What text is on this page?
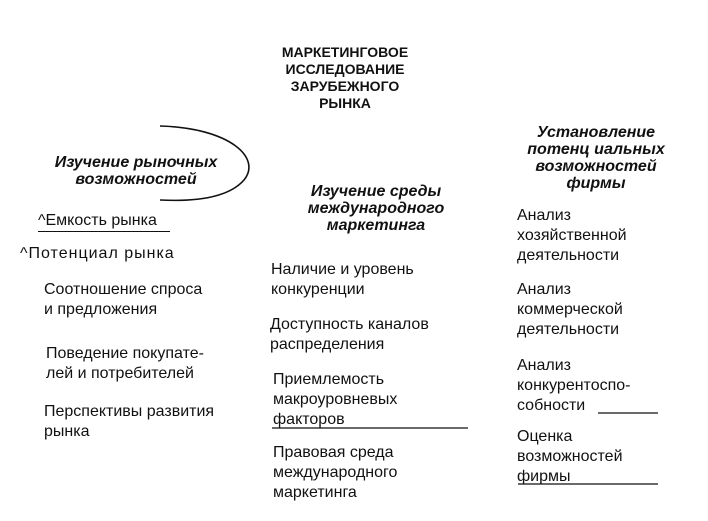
МАРКЕТИНГОВОЕ
ИССЛЕДОВАНИЕ
ЗАРУБЕЖНОГО
РЫНКА
Изучение рыночных
возможностей
^Емкость рынка
^Потенциал рынка
Соотношение спроса
и предложения
Поведение покупате-
лей и потребителей
Перспективы развития
рынка
Изучение среды
международного
маркетинга
Наличие и уровень
конкуренции
Доступность каналов
распределения
Приемлемость
макроуровневых
факторов
Правовая среда
международного
маркетинга
Установление
потенц иальных
возможностей
фирмы
Анализ
хозяйственной
деятельности
Анализ
коммерческой
деятельности
Анализ
конкурентоспо-
собности
Оценка
возможностей
фирмы
